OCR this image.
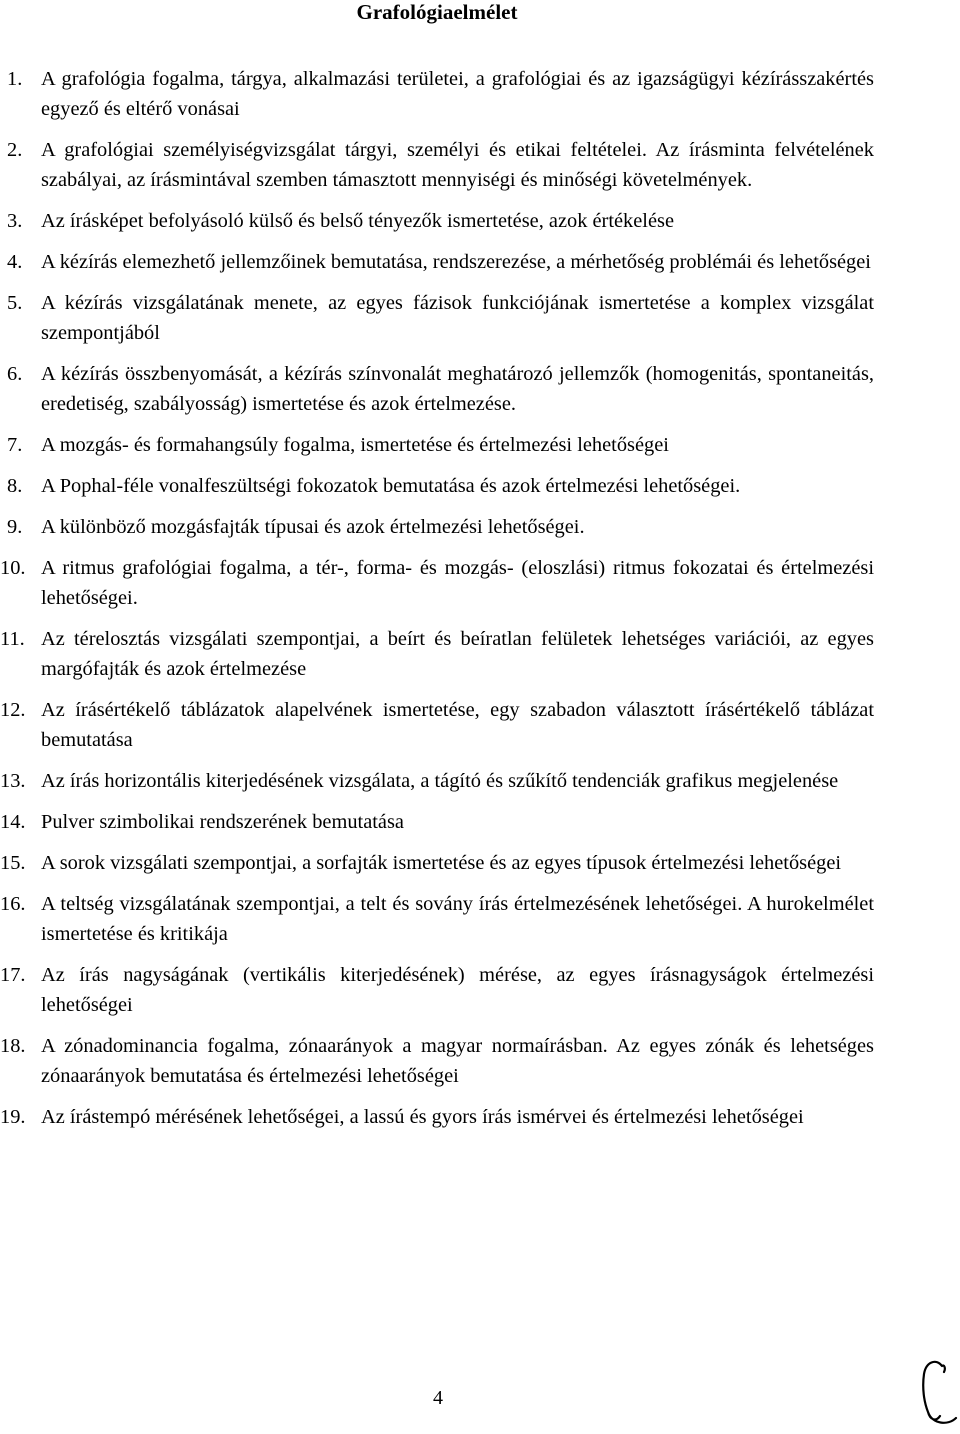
Grafológiaelmélet
1. A grafológia fogalma, tárgya, alkalmazási területei, a grafológiai és az igazságügyi kézírásszakértés egyező és eltérő vonásai
2. A grafológiai személyiségvizsgálat tárgyi, személyi és etikai feltételei. Az írásminta felvételének szabályai, az írásmintával szemben támasztott mennyiségi és minőségi követelmények.
3. Az írásképet befolyásoló külső és belső tényezők ismertetése, azok értékelése
4. A kézírás elemezhető jellemzőinek bemutatása, rendszerezése, a mérhetőség problémái és lehetőségei
5. A kézírás vizsgálatának menete, az egyes fázisok funkciójának ismertetése a komplex vizsgálat szempontjából
6. A kézírás összbenyomását, a kézírás színvonalát meghatározó jellemzők (homogenitás, spontaneitás, eredetiség, szabályosság) ismertetése és azok értelmezése.
7. A mozgás- és formahangsúly fogalma, ismertetése és értelmezési lehetőségei
8. A Pophal-féle vonalfeszültségi fokozatok bemutatása és azok értelmezési lehetőségei.
9. A különböző mozgásfajták típusai és azok értelmezési lehetőségei.
10. A ritmus grafológiai fogalma, a tér-, forma- és mozgás- (eloszlási) ritmus fokozatai és értelmezési lehetőségei.
11. Az térelosztás vizsgálati szempontjai, a beírt és beíratlan felületek lehetséges variációi, az egyes margófajták és azok értelmezése
12. Az írásértékelő táblázatok alapelvének ismertetése, egy szabadon választott írásértékelő táblázat bemutatása
13. Az írás horizontális kiterjedésének vizsgálata, a tágító és szűkítő tendenciák grafikus megjelenése
14. Pulver szimbolikai rendszerének bemutatása
15. A sorok vizsgálati szempontjai, a sorfajták ismertetése és az egyes típusok értelmezési lehetőségei
16. A teltség vizsgálatának szempontjai, a telt és sovány írás értelmezésének lehetőségei. A hurokelmélet ismertetése és kritikája
17. Az írás nagyságának (vertikális kiterjedésének) mérése, az egyes írásnagyságok értelmezési lehetőségei
18. A zónadominancia fogalma, zónaarányok a magyar normaírásban. Az egyes zónák és lehetséges zónaarányok bemutatása és értelmezési lehetőségei
19. Az írástempó mérésének lehetőségei, a lassú és gyors írás ismérvei és értelmezési lehetőségei
4
